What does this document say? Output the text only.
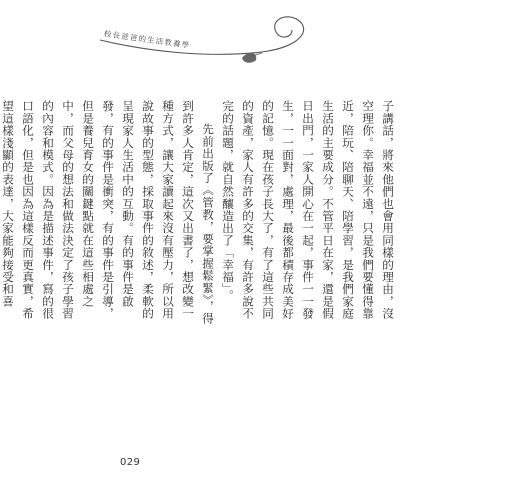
校長爸爸的生活教養學

子講話，將來他們也會用同樣的理由，沒空理你。幸福並不遠，只是我們要懂得靠近，陪玩、陪聊天、陪學習，是我們家庭生活的主要成分。不管平日在家，還是假日出門，一家人開心在一起，事件一一發生，一一面對，處理，最後都積存成美好的記憶。現在孩子長大了，有了這些共同的資產，家人有許多的交集，有許多說不完的話題，就自然釀造出了「幸福」。

先前出版了《管教，要掌握鬆緊》，得到許多人肯定，這次又出書了，想改變一種方式，讓大家讀起來沒有壓力，所以用說故事的型態，採取事件的敘述，柔軟的呈現家人生活中的互動。有的事件是啟發，有的事件是衝突，有的事件是引導，但是養兒育女的關鍵點就在這些相處之中，而父母的想法和做法決定了孩子學習的內容和模式。因為是描述事件，寫的很口語化，但是也因為這樣反而更真實，希望這樣淺顯的表達，大家能夠接受和喜

029
